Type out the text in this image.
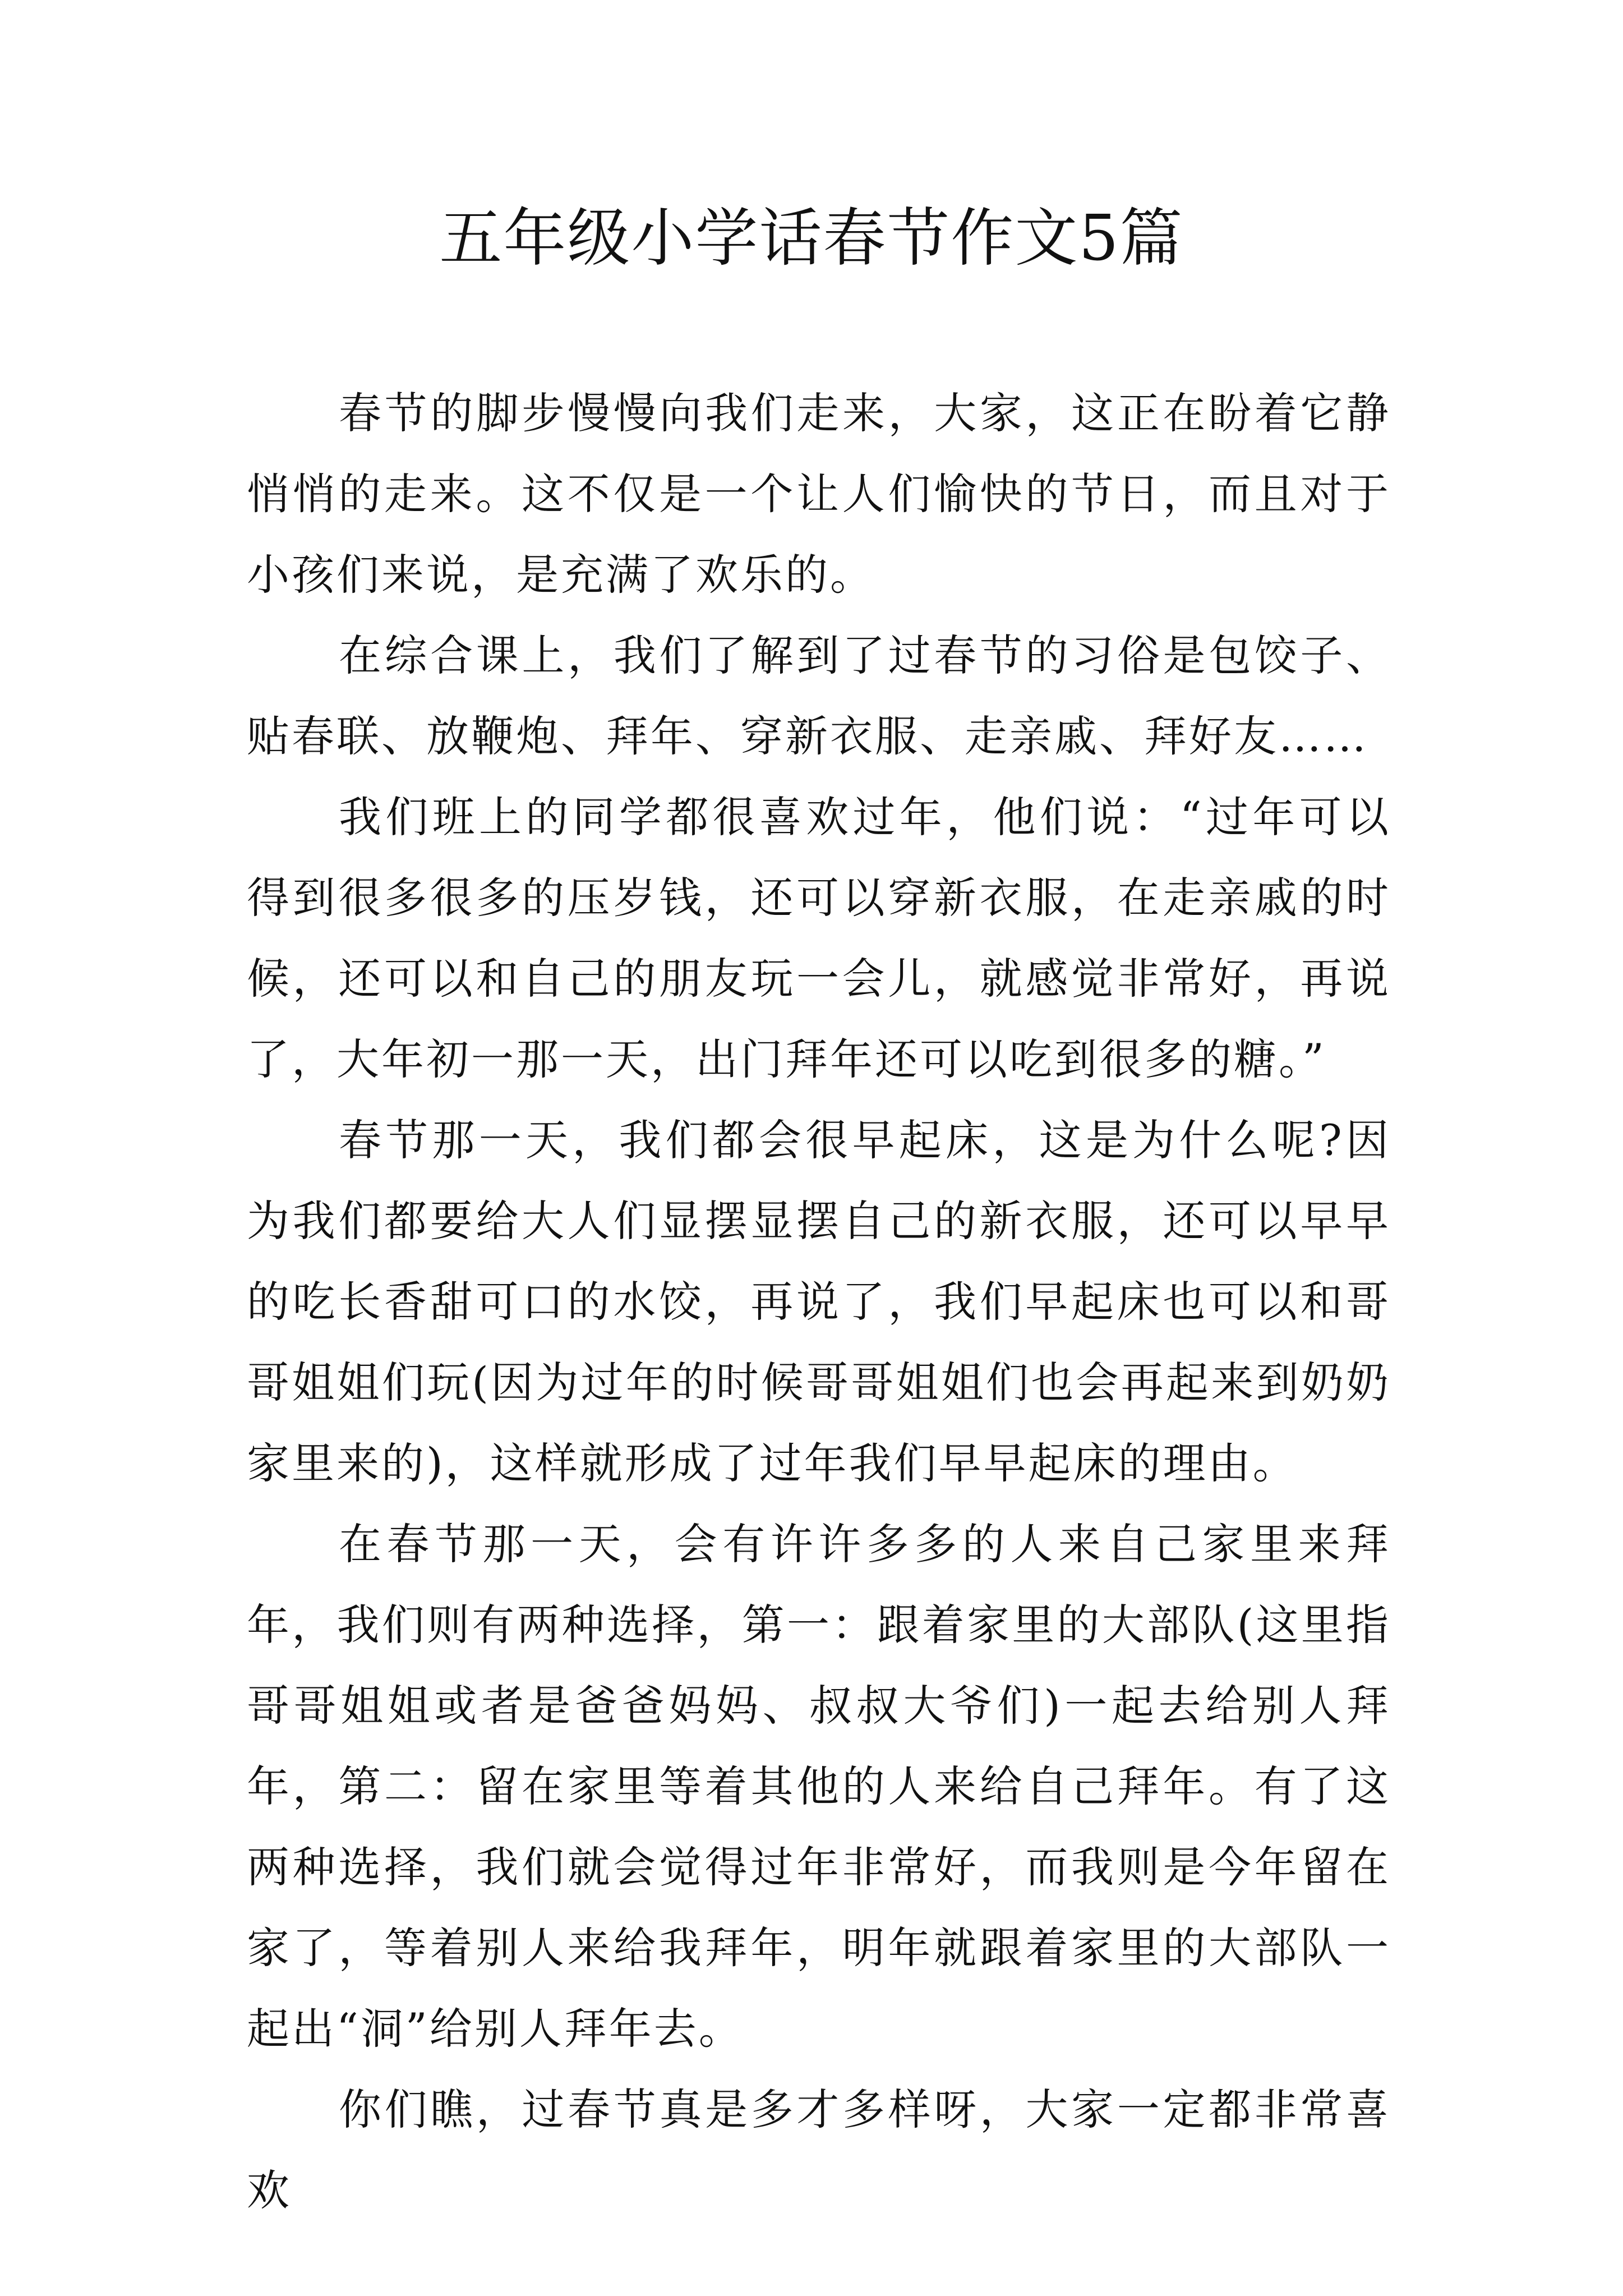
五年级小学话春节作文5篇

春节的脚步慢慢向我们走来，大家，这正在盼着它静悄悄的走来。这不仅是一个让人们愉快的节日，而且对于小孩们来说，是充满了欢乐的。

在综合课上，我们了解到了过春节的习俗是包饺子、贴春联、放鞭炮、拜年、穿新衣服、走亲戚、拜好友……

我们班上的同学都很喜欢过年，他们说：“过年可以得到很多很多的压岁钱，还可以穿新衣服，在走亲戚的时候，还可以和自己的朋友玩一会儿，就感觉非常好，再说了，大年初一那一天，出门拜年还可以吃到很多的糖。”

春节那一天，我们都会很早起床，这是为什么呢?因为我们都要给大人们显摆显摆自己的新衣服，还可以早早的吃长香甜可口的水饺，再说了，我们早起床也可以和哥哥姐姐们玩(因为过年的时候哥哥姐姐们也会再起来到奶奶家里来的)，这样就形成了过年我们早早起床的理由。

在春节那一天，会有许许多多的人来自己家里来拜年，我们则有两种选择，第一：跟着家里的大部队(这里指哥哥姐姐或者是爸爸妈妈、叔叔大爷们)一起去给别人拜年，第二：留在家里等着其他的人来给自己拜年。有了这两种选择，我们就会觉得过年非常好，而我则是今年留在家了，等着别人来给我拜年，明年就跟着家里的大部队一起出“洞”给别人拜年去。

你们瞧，过春节真是多才多样呀，大家一定都非常喜欢
